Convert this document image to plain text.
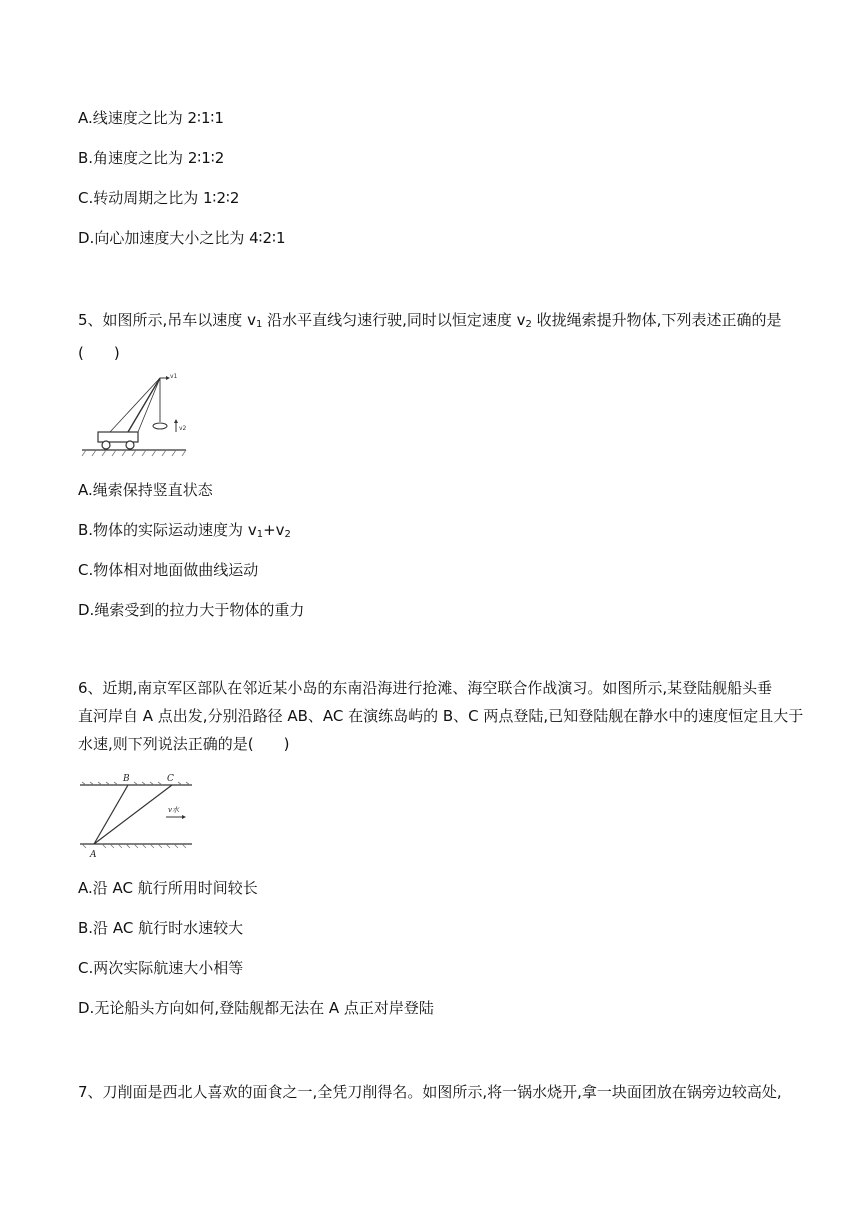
A.线速度之比为 2∶1∶1
B.角速度之比为 2∶1∶2
C.转动周期之比为 1∶2∶2
D.向心加速度大小之比为 4∶2∶1
5、如图所示,吊车以速度 $v_1$ 沿水平直线匀速行驶,同时以恒定速度 $v_2$ 收拢绳索提升物体,下列表述正确的是
(　　)
v1
v2
A.绳索保持竖直状态
B.物体的实际运动速度为 $v_1+v_2$
C.物体相对地面做曲线运动
D.绳索受到的拉力大于物体的重力
6、近期,南京军区部队在邻近某小岛的东南沿海进行抢滩、海空联合作战演习。如图所示,某登陆舰船头垂
直河岸自 A 点出发,分别沿路径 AB、AC 在演练岛屿的 B、C 两点登陆,已知登陆舰在静水中的速度恒定且大于
水速,则下列说法正确的是(　　)
B	C
v水
A
A.沿 AC 航行所用时间较长
B.沿 AC 航行时水速较大
C.两次实际航速大小相等
D.无论船头方向如何,登陆舰都无法在 A 点正对岸登陆
7、刀削面是西北人喜欢的面食之一,全凭刀削得名。如图所示,将一锅水烧开,拿一块面团放在锅旁边较高处,
